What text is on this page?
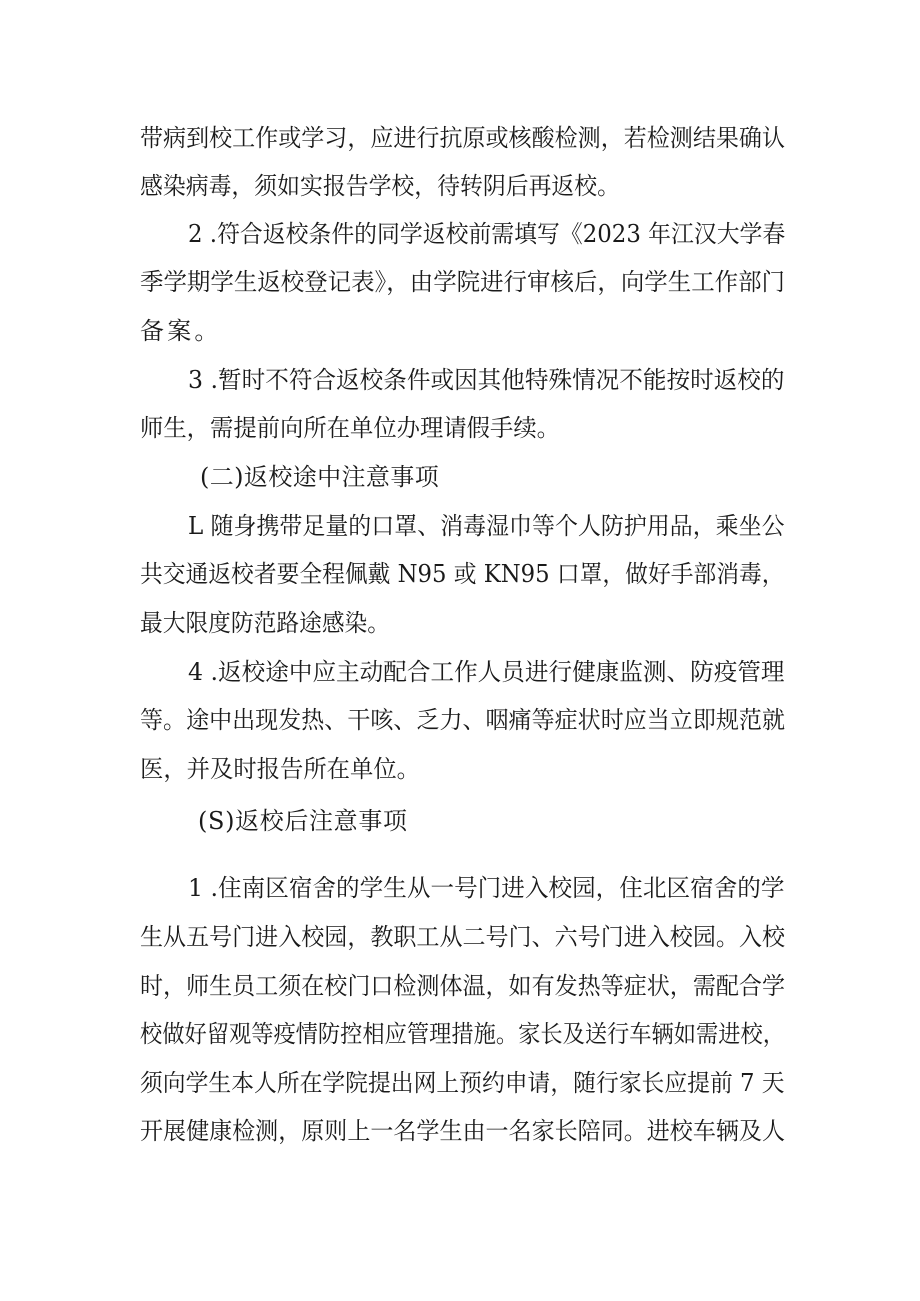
带病到校工作或学习，应进行抗原或核酸检测，若检测结果确认
感染病毒，须如实报告学校，待转阴后再返校。
2 .符合返校条件的同学返校前需填写《2023 年江汉大学春
季学期学生返校登记表》，由学院进行审核后，向学生工作部门
备案。
3 .暂时不符合返校条件或因其他特殊情况不能按时返校的
师生，需提前向所在单位办理请假手续。
(二)返校途中注意事项
L 随身携带足量的口罩、消毒湿巾等个人防护用品，乘坐公
共交通返校者要全程佩戴 N95 或 KN95 口罩，做好手部消毒，
最大限度防范路途感染。
4 .返校途中应主动配合工作人员进行健康监测、防疫管理
等。途中出现发热、干咳、乏力、咽痛等症状时应当立即规范就
医，并及时报告所在单位。
(S)返校后注意事项
1 .住南区宿舍的学生从一号门进入校园，住北区宿舍的学
生从五号门进入校园，教职工从二号门、六号门进入校园。入校
时，师生员工须在校门口检测体温，如有发热等症状，需配合学
校做好留观等疫情防控相应管理措施。家长及送行车辆如需进校，
须向学生本人所在学院提出网上预约申请，随行家长应提前 7 天
开展健康检测，原则上一名学生由一名家长陪同。进校车辆及人
